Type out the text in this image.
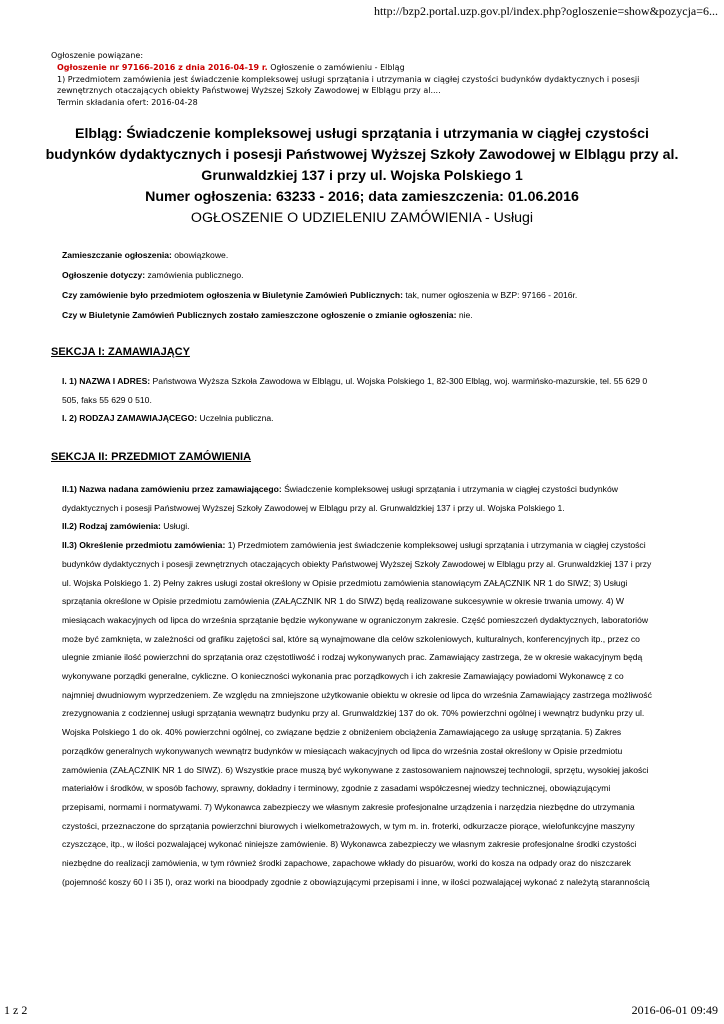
http://bzp2.portal.uzp.gov.pl/index.php?ogloszenie=show&pozycja=6...
Ogłoszenie powiązane:
Ogłoszenie nr 97166-2016 z dnia 2016-04-19 r. Ogłoszenie o zamówieniu - Elbląg
1) Przedmiotem zamówienia jest świadczenie kompleksowej usługi sprzątania i utrzymania w ciągłej czystości budynków dydaktycznych i posesji zewnętrznych otaczających obiekty Państwowej Wyższej Szkoły Zawodowej w Elblągu przy al....
Termin składania ofert: 2016-04-28
Elbląg: Świadczenie kompleksowej usługi sprzątania i utrzymania w ciągłej czystości
budynków dydaktycznych i posesji Państwowej Wyższej Szkoły Zawodowej w Elblągu przy al.
Grunwaldzkiej 137 i przy ul. Wojska Polskiego 1
Numer ogłoszenia: 63233 - 2016; data zamieszczenia: 01.06.2016
OGŁOSZENIE O UDZIELENIU ZAMÓWIENIA - Usługi
Zamieszczanie ogłoszenia: obowiązkowe.
Ogłoszenie dotyczy: zamówienia publicznego.
Czy zamówienie było przedmiotem ogłoszenia w Biuletynie Zamówień Publicznych: tak, numer ogłoszenia w BZP: 97166 - 2016r.
Czy w Biuletynie Zamówień Publicznych zostało zamieszczone ogłoszenie o zmianie ogłoszenia: nie.
SEKCJA I: ZAMAWIAJĄCY
I. 1) NAZWA I ADRES: Państwowa Wyższa Szkoła Zawodowa w Elblągu, ul. Wojska Polskiego 1, 82-300 Elbląg, woj. warmińsko-mazurskie, tel. 55 629 0 505, faks 55 629 0 510.
I. 2) RODZAJ ZAMAWIAJĄCEGO: Uczelnia publiczna.
SEKCJA II: PRZEDMIOT ZAMÓWIENIA
II.1) Nazwa nadana zamówieniu przez zamawiającego: Świadczenie kompleksowej usługi sprzątania i utrzymania w ciągłej czystości budynków dydaktycznych i posesji Państwowej Wyższej Szkoły Zawodowej w Elblągu przy al. Grunwaldzkiej 137 i przy ul. Wojska Polskiego 1.
II.2) Rodzaj zamówienia: Usługi.
II.3) Określenie przedmiotu zamówienia: 1) Przedmiotem zamówienia jest świadczenie kompleksowej usługi sprzątania i utrzymania w ciągłej czystości budynków dydaktycznych i posesji zewnętrznych otaczających obiekty Państwowej Wyższej Szkoły Zawodowej w Elblągu przy al. Grunwaldzkiej 137 i przy ul. Wojska Polskiego 1. 2) Pełny zakres usługi został określony w Opisie przedmiotu zamówienia stanowiącym ZAŁĄCZNIK NR 1 do SIWZ; 3) Usługi sprzątania określone w Opisie przedmiotu zamówienia (ZAŁĄCZNIK NR 1 do SIWZ) będą realizowane sukcesywnie w okresie trwania umowy. 4) W miesiącach wakacyjnych od lipca do września sprzątanie będzie wykonywane w ograniczonym zakresie. Część pomieszczeń dydaktycznych, laboratoriów może być zamknięta, w zależności od grafiku zajętości sal, które są wynajmowane dla celów szkoleniowych, kulturalnych, konferencyjnych itp., przez co ulegnie zmianie ilość powierzchni do sprzątania oraz częstotliwość i rodzaj wykonywanych prac. Zamawiający zastrzega, że w okresie wakacyjnym będą wykonywane porządki generalne, cykliczne. O konieczności wykonania prac porządkowych i ich zakresie Zamawiający powiadomi Wykonawcę z co najmniej dwudniowym wyprzedzeniem. Ze względu na zmniejszone użytkowanie obiektu w okresie od lipca do września Zamawiający zastrzega możliwość zrezygnowania z codziennej usługi sprzątania wewnątrz budynku przy al. Grunwaldzkiej 137 do ok. 70% powierzchni ogólnej i wewnątrz budynku przy ul. Wojska Polskiego 1 do ok. 40% powierzchni ogólnej, co związane będzie z obniżeniem obciążenia Zamawiającego za usługę sprzątania. 5) Zakres porządków generalnych wykonywanych wewnątrz budynków w miesiącach wakacyjnych od lipca do września został określony w Opisie przedmiotu zamówienia (ZAŁĄCZNIK NR 1 do SIWZ). 6) Wszystkie prace muszą być wykonywane z zastosowaniem najnowszej technologii, sprzętu, wysokiej jakości materiałów i środków, w sposób fachowy, sprawny, dokładny i terminowy, zgodnie z zasadami współczesnej wiedzy technicznej, obowiązującymi przepisami, normami i normatywami. 7) Wykonawca zabezpieczy we własnym zakresie profesjonalne urządzenia i narzędzia niezbędne do utrzymania czystości, przeznaczone do sprzątania powierzchni biurowych i wielkometrażowych, w tym m. in. froterki, odkurzacze piorące, wielofunkcyjne maszyny czyszczące, itp., w ilości pozwalającej wykonać niniejsze zamówienie. 8) Wykonawca zabezpieczy we własnym zakresie profesjonalne środki czystości niezbędne do realizacji zamówienia, w tym również środki zapachowe, zapachowe wkłady do pisuarów, worki do kosza na odpady oraz do niszczarek (pojemność koszy 60 l i 35 l), oraz worki na bioodpady zgodnie z obowiązującymi przepisami i inne, w ilości pozwalającej wykonać z należytą starannością
1 z 2	2016-06-01 09:49
